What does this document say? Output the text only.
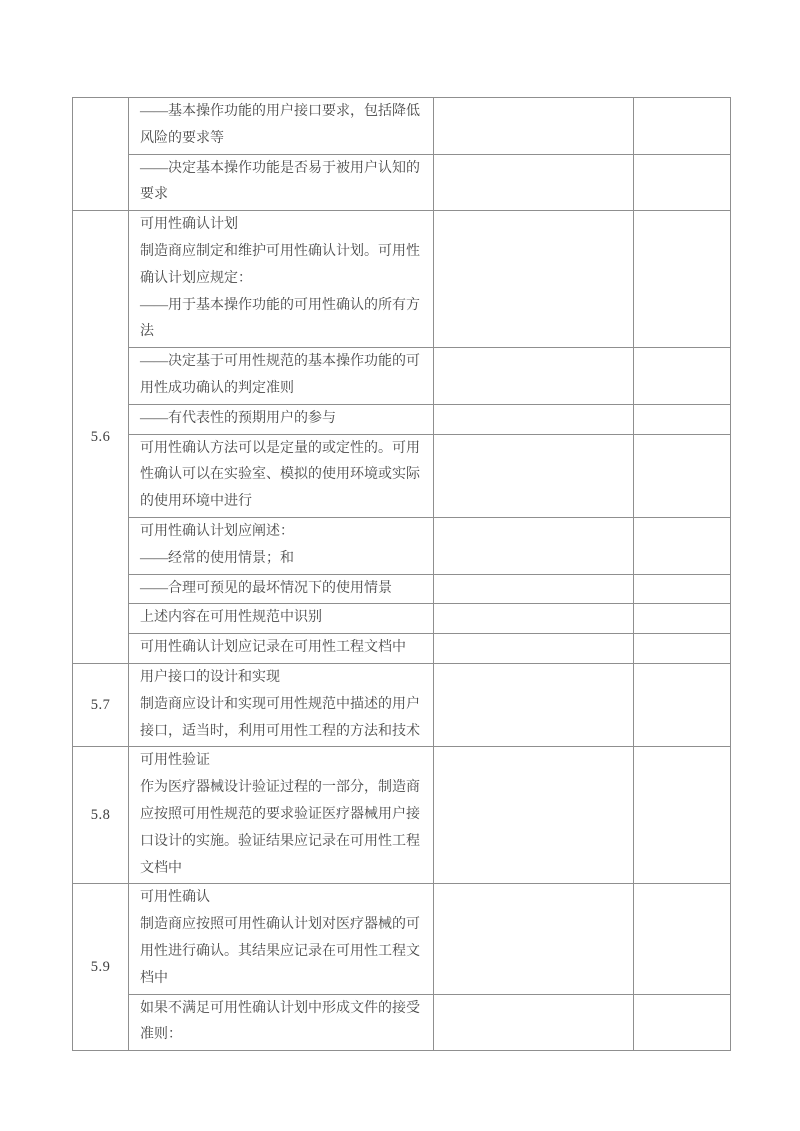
	——基本操作功能的用户接口要求，包括降低风险的要求等		

	——决定基本操作功能是否易于被用户认知的要求		

5.6	可用性确认计划
制造商应制定和维护可用性确认计划。可用性确认计划应规定：
——用于基本操作功能的可用性确认的所有方法		

	——决定基于可用性规范的基本操作功能的可用性成功确认的判定准则		

	——有代表性的预期用户的参与		

	可用性确认方法可以是定量的或定性的。可用性确认可以在实验室、模拟的使用环境或实际的使用环境中进行		

	可用性确认计划应阐述：
——经常的使用情景；和		

	——合理可预见的最坏情况下的使用情景		

	上述内容在可用性规范中识别		

	可用性确认计划应记录在可用性工程文档中		

5.7	用户接口的设计和实现
制造商应设计和实现可用性规范中描述的用户接口，适当时，利用可用性工程的方法和技术		

5.8	可用性验证
作为医疗器械设计验证过程的一部分，制造商应按照可用性规范的要求验证医疗器械用户接口设计的实施。验证结果应记录在可用性工程文档中		

5.9	可用性确认
制造商应按照可用性确认计划对医疗器械的可用性进行确认。其结果应记录在可用性工程文档中		

	如果不满足可用性确认计划中形成文件的接受准则：		
